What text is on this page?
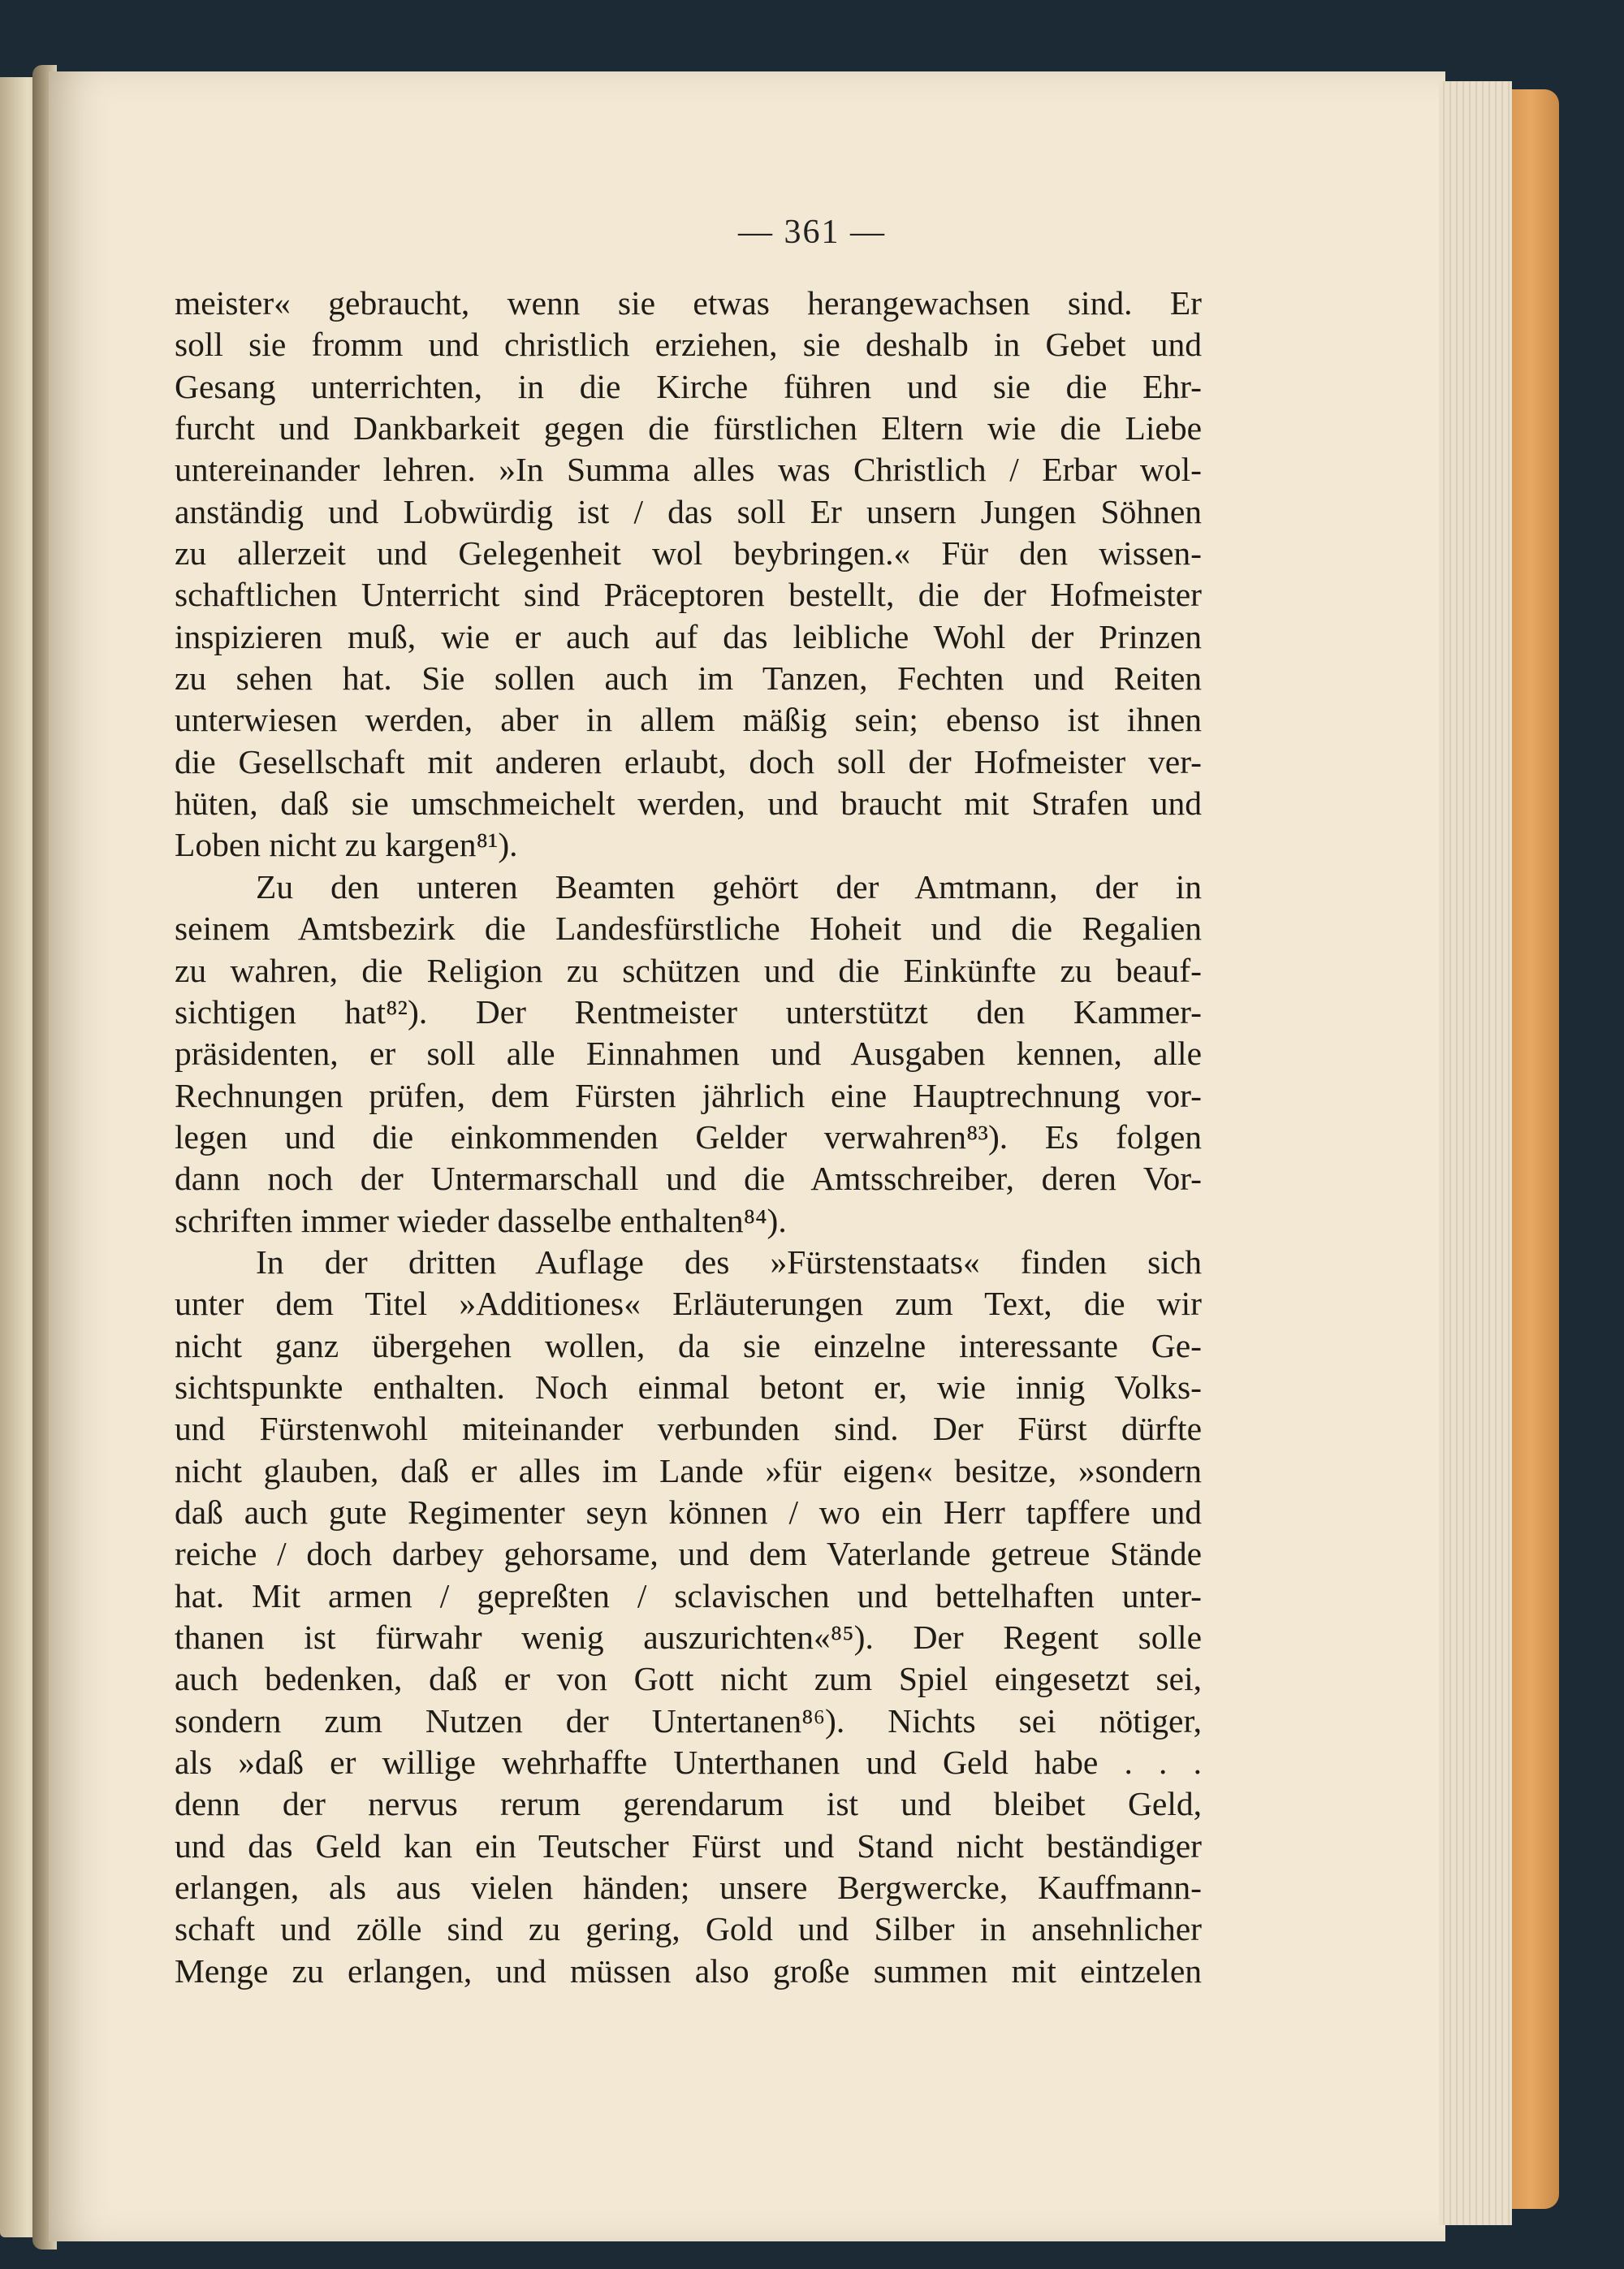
— 361 —
meister« gebraucht, wenn sie etwas herangewachsen sind. Er
soll sie fromm und christlich erziehen, sie deshalb in Gebet und
Gesang unterrichten, in die Kirche führen und sie die Ehr-
furcht und Dankbarkeit gegen die fürstlichen Eltern wie die Liebe
untereinander lehren. »In Summa alles was Christlich / Erbar wol-
anständig und Lobwürdig ist / das soll Er unsern Jungen Söhnen
zu allerzeit und Gelegenheit wol beybringen.« Für den wissen-
schaftlichen Unterricht sind Präceptoren bestellt, die der Hofmeister
inspizieren muß, wie er auch auf das leibliche Wohl der Prinzen
zu sehen hat. Sie sollen auch im Tanzen, Fechten und Reiten
unterwiesen werden, aber in allem mäßig sein; ebenso ist ihnen
die Gesellschaft mit anderen erlaubt, doch soll der Hofmeister ver-
hüten, daß sie umschmeichelt werden, und braucht mit Strafen und
Loben nicht zu kargen⁸¹).
Zu den unteren Beamten gehört der Amtmann, der in
seinem Amtsbezirk die Landesfürstliche Hoheit und die Regalien
zu wahren, die Religion zu schützen und die Einkünfte zu beauf-
sichtigen hat⁸²). Der Rentmeister unterstützt den Kammer-
präsidenten, er soll alle Einnahmen und Ausgaben kennen, alle
Rechnungen prüfen, dem Fürsten jährlich eine Hauptrechnung vor-
legen und die einkommenden Gelder verwahren⁸³). Es folgen
dann noch der Untermarschall und die Amtsschreiber, deren Vor-
schriften immer wieder dasselbe enthalten⁸⁴).
In der dritten Auflage des »Fürstenstaats« finden sich
unter dem Titel »Additiones« Erläuterungen zum Text, die wir
nicht ganz übergehen wollen, da sie einzelne interessante Ge-
sichtspunkte enthalten. Noch einmal betont er, wie innig Volks-
und Fürstenwohl miteinander verbunden sind. Der Fürst dürfte
nicht glauben, daß er alles im Lande »für eigen« besitze, »sondern
daß auch gute Regimenter seyn können / wo ein Herr tapffere und
reiche / doch darbey gehorsame, und dem Vaterlande getreue Stände
hat. Mit armen / gepreßten / sclavischen und bettelhaften unter-
thanen ist fürwahr wenig auszurichten«⁸⁵). Der Regent solle
auch bedenken, daß er von Gott nicht zum Spiel eingesetzt sei,
sondern zum Nutzen der Untertanen⁸⁶). Nichts sei nötiger,
als »daß er willige wehrhaffte Unterthanen und Geld habe . . .
denn der nervus rerum gerendarum ist und bleibet Geld,
und das Geld kan ein Teutscher Fürst und Stand nicht beständiger
erlangen, als aus vielen händen; unsere Bergwercke, Kauffmann-
schaft und zölle sind zu gering, Gold und Silber in ansehnlicher
Menge zu erlangen, und müssen also große summen mit eintzelen
